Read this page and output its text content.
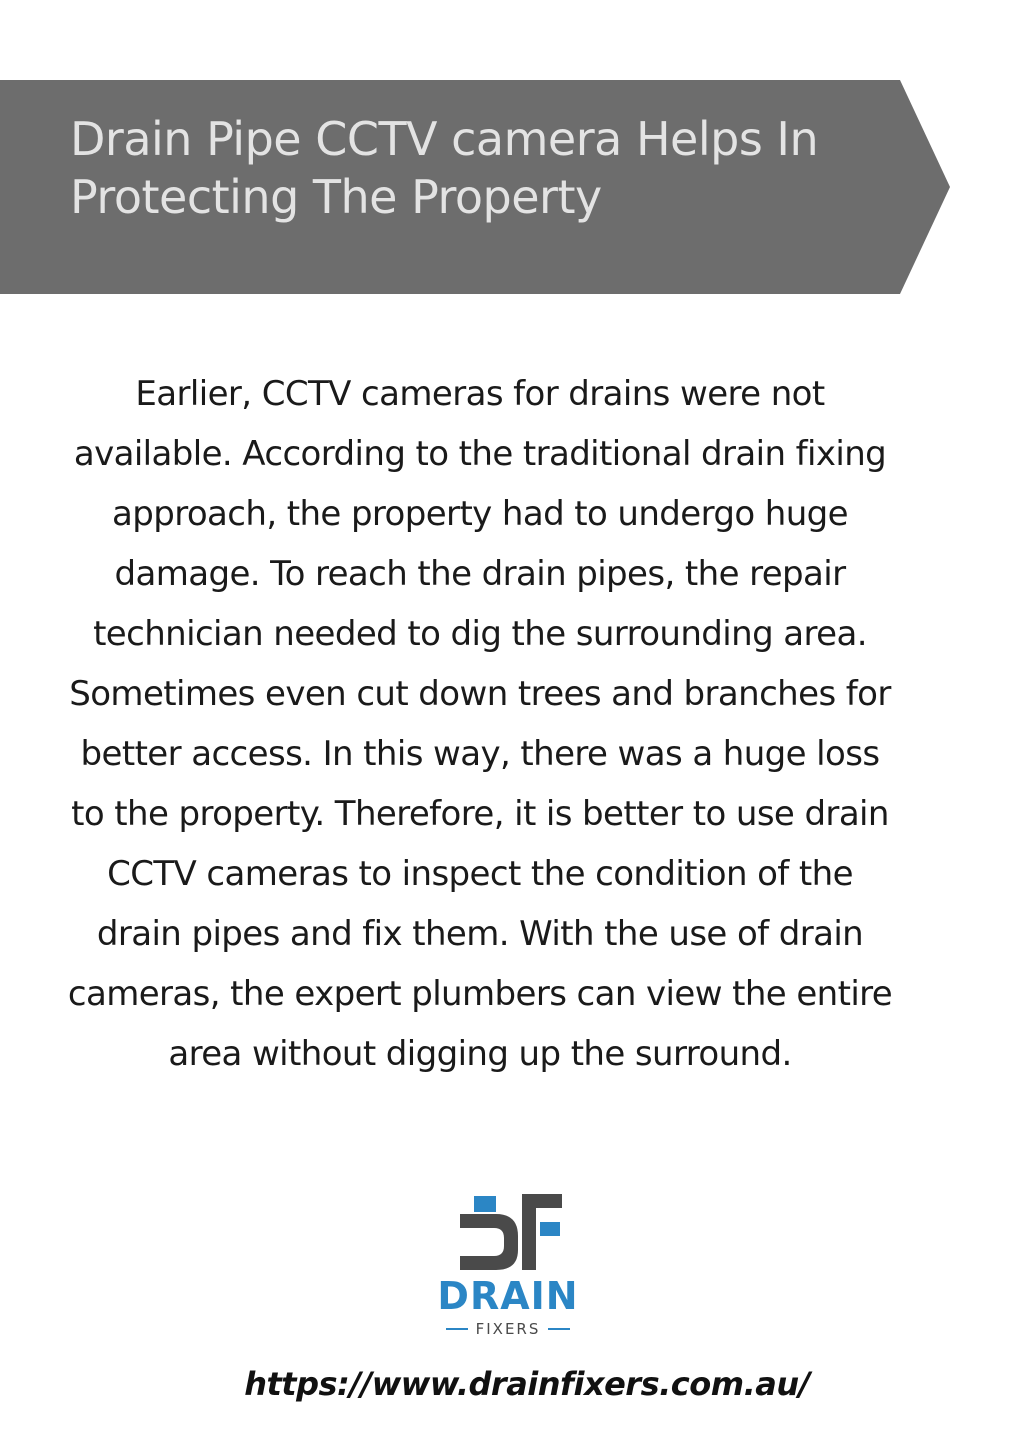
Drain Pipe CCTV camera Helps In Protecting The Property

Earlier, CCTV cameras for drains were not available. According to the traditional drain fixing approach, the property had to undergo huge damage. To reach the drain pipes, the repair technician needed to dig the surrounding area. Sometimes even cut down trees and branches for better access. In this way, there was a huge loss to the property. Therefore, it is better to use drain CCTV cameras to inspect the condition of the drain pipes and fix them. With the use of drain cameras, the expert plumbers can view the entire area without digging up the surround.

DRAIN
FIXERS
https://www.drainfixers.com.au/
